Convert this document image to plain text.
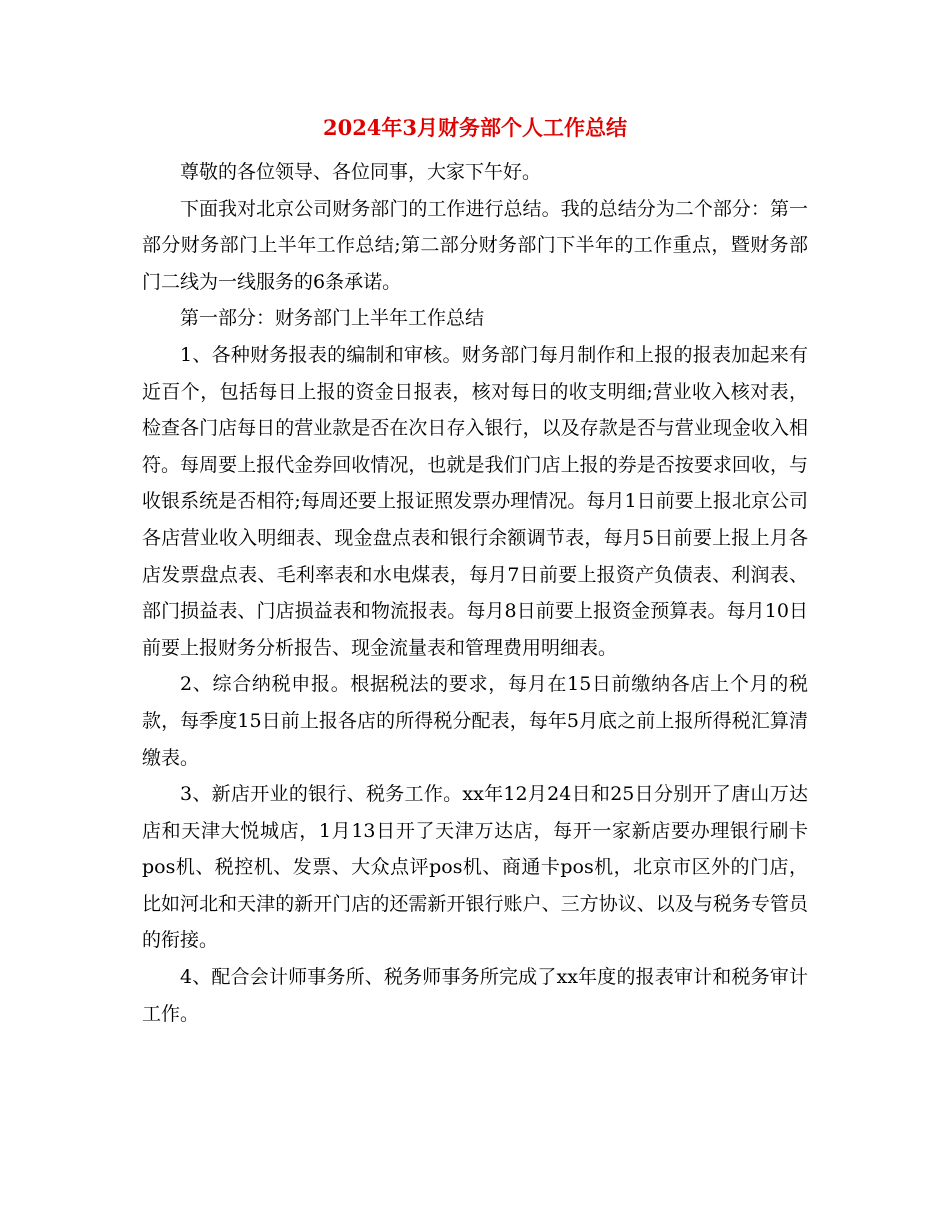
2024年3月财务部个人工作总结

尊敬的各位领导、各位同事，大家下午好。

下面我对北京公司财务部门的工作进行总结。我的总结分为二个部分：第一部分财务部门上半年工作总结;第二部分财务部门下半年的工作重点，暨财务部门二线为一线服务的6条承诺。

第一部分：财务部门上半年工作总结

1、各种财务报表的编制和审核。财务部门每月制作和上报的报表加起来有近百个，包括每日上报的资金日报表，核对每日的收支明细;营业收入核对表，检查各门店每日的营业款是否在次日存入银行，以及存款是否与营业现金收入相符。每周要上报代金券回收情况，也就是我们门店上报的券是否按要求回收，与收银系统是否相符;每周还要上报证照发票办理情况。每月1日前要上报北京公司各店营业收入明细表、现金盘点表和银行余额调节表，每月5日前要上报上月各店发票盘点表、毛利率表和水电煤表，每月7日前要上报资产负债表、利润表、部门损益表、门店损益表和物流报表。每月8日前要上报资金预算表。每月10日前要上报财务分析报告、现金流量表和管理费用明细表。

2、综合纳税申报。根据税法的要求，每月在15日前缴纳各店上个月的税款，每季度15日前上报各店的所得税分配表，每年5月底之前上报所得税汇算清缴表。

3、新店开业的银行、税务工作。xx年12月24日和25日分别开了唐山万达店和天津大悦城店，1月13日开了天津万达店，每开一家新店要办理银行刷卡pos机、税控机、发票、大众点评pos机、商通卡pos机，北京市区外的门店，比如河北和天津的新开门店的还需新开银行账户、三方协议、以及与税务专管员的衔接。

4、配合会计师事务所、税务师事务所完成了xx年度的报表审计和税务审计工作。
